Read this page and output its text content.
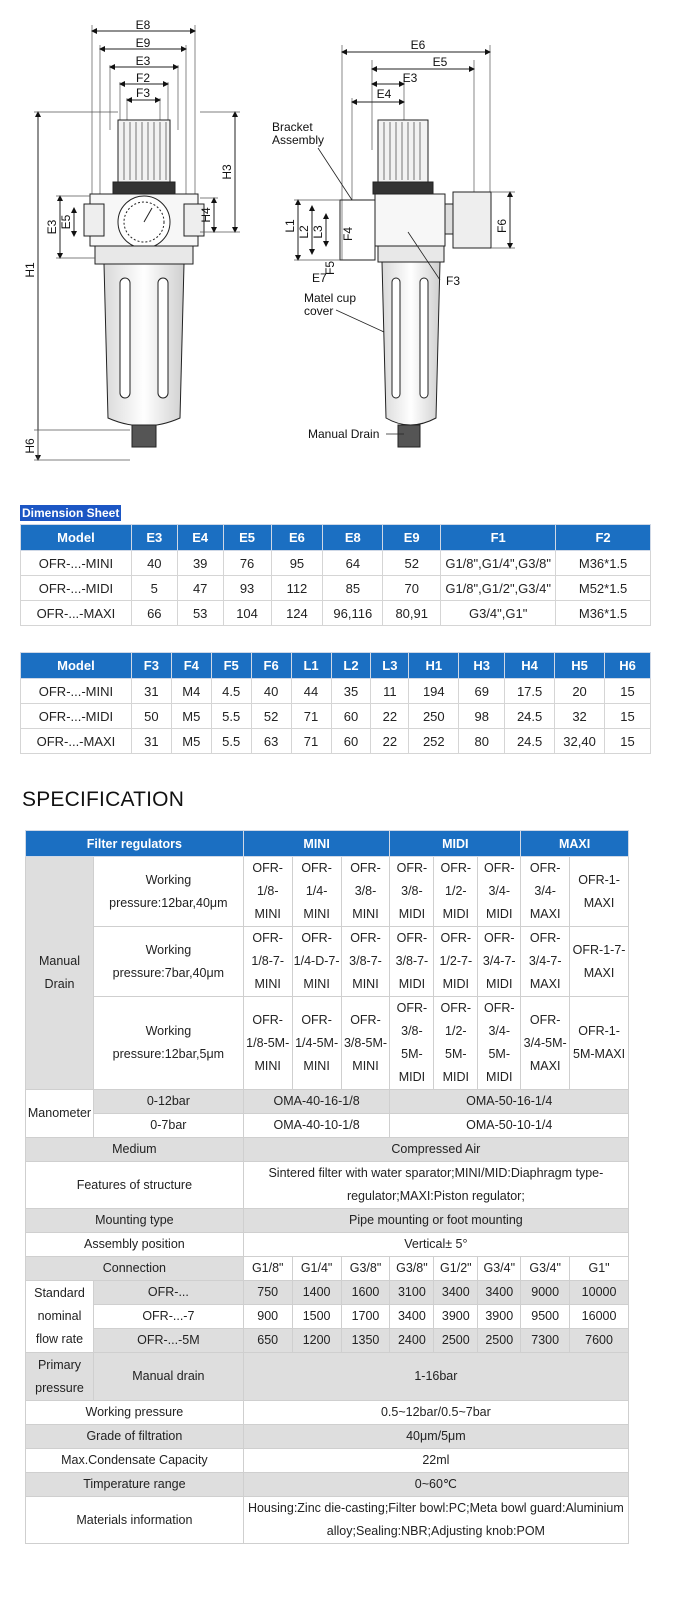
E8
E9
E3
F2
F3
H3
H4
E3 E5
H1
H6
E6
E5
E3
E4
F6
L1 L2 L3 F4
E7
F5
F3
Bracket
Assembly
Matel cup
cover
Manual Drain
Dimension Sheet
Model	E3	E4	E5	E6	E8	E9	F1	F2
OFR-...-MINI	40	39	76	95	64	52	G1/8",G1/4",G3/8"	M36*1.5
OFR-...-MIDI	5	47	93	112	85	70	G1/8",G1/2",G3/4"	M52*1.5
OFR-...-MAXI	66	53	104	124	96,116	80,91	G3/4",G1"	M36*1.5
Model	F3	F4	F5	F6	L1	L2	L3	H1	H3	H4	H5	H6
OFR-...-MINI	31	M4	4.5	40	44	35	11	194	69	17.5	20	15
OFR-...-MIDI	50	M5	5.5	52	71	60	22	250	98	24.5	32	15
OFR-...-MAXI	31	M5	5.5	63	71	60	22	252	80	24.5	32,40	15
SPECIFICATION
Filter regulators		MINI			MIDI			MAXI	
Manual Drain	Working pressure:12bar,40μm	OFR-1/8-MINI	OFR-1/4-MINI	OFR-3/8-MINI	OFR-3/8-MIDI	OFR-1/2-MIDI	OFR-3/4-MIDI	OFR-3/4-MAXI	OFR-1-MAXI
	Working pressure:7bar,40μm	OFR-1/8-7-MINI	OFR-1/4-D-7-MINI	OFR-3/8-7-MINI	OFR-3/8-7-MIDI	OFR-1/2-7-MIDI	OFR-3/4-7-MIDI	OFR-3/4-7-MAXI	OFR-1-7-MAXI
	Working pressure:12bar,5μm	OFR-1/8-5M-MINI	OFR-1/4-5M-MINI	OFR-3/8-5M-MINI	OFR-3/8-5M-MIDI	OFR-1/2-5M-MIDI	OFR-3/4-5M-MIDI	OFR-3/4-5M-MAXI	OFR-1-5M-MAXI
Manometer	0-12bar	OMA-40-16-1/8			OMA-50-16-1/4				
	0-7bar	OMA-40-10-1/8			OMA-50-10-1/4				
Medium		Compressed Air							
Features of structure		Sintered filter with water sparator;MINI/MID:Diaphragm type-regulator;MAXI:Piston regulator;							
Mounting type		Pipe mounting or foot mounting							
Assembly position		Vertical± 5°							
Connection		G1/8"	G1/4"	G3/8"	G3/8"	G1/2"	G3/4"	G3/4"	G1"
Standard nominal flow rate	OFR-...	750	1400	1600	3100	3400	3400	9000	10000
	OFR-...-7	900	1500	1700	3400	3900	3900	9500	16000
	OFR-...-5M	650	1200	1350	2400	2500	2500	7300	7600
Primary pressure	Manual drain	1-16bar							
Working pressure		0.5~12bar/0.5~7bar							
Grade of filtration		40μm/5μm							
Max.Condensate Capacity		22ml							
Timperature range		0~60℃							
Materials information		Housing:Zinc die-casting;Filter bowl:PC;Meta bowl guard:Aluminium alloy;Sealing:NBR;Adjusting knob:POM							
